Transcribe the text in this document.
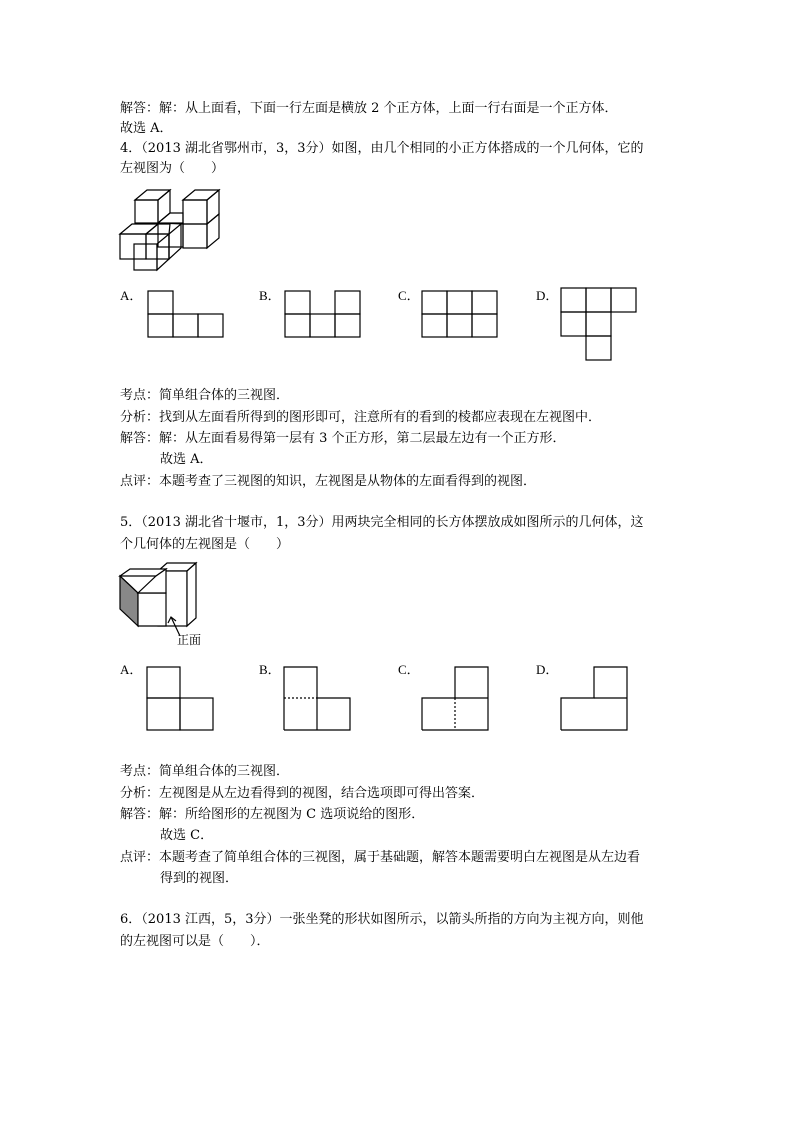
解答：解：从上面看，下面一行左面是横放 2 个正方体，上面一行右面是一个正方体．
故选 A．
4．（2013 湖北省鄂州市，3，3分）如图，由几个相同的小正方体搭成的一个几何体，它的
左视图为（　　）
A．	B．	C．	D．
考点：简单组合体的三视图．
分析：找到从左面看所得到的图形即可，注意所有的看到的棱都应表现在左视图中．
解答：解：从左面看易得第一层有 3 个正方形，第二层最左边有一个正方形．
故选 A．
点评：本题考查了三视图的知识，左视图是从物体的左面看得到的视图．
5．（2013 湖北省十堰市，1，3分）用两块完全相同的长方体摆放成如图所示的几何体，这
个几何体的左视图是（　　）
正面
A．	B．	C．	D．
考点：简单组合体的三视图．
分析：左视图是从左边看得到的视图，结合选项即可得出答案．
解答：解：所给图形的左视图为 C 选项说给的图形．
故选 C．
点评：本题考查了简单组合体的三视图，属于基础题，解答本题需要明白左视图是从左边看
得到的视图．
6．（2013 江西，5，3分）一张坐凳的形状如图所示，以箭头所指的方向为主视方向，则他
的左视图可以是（　　）．
